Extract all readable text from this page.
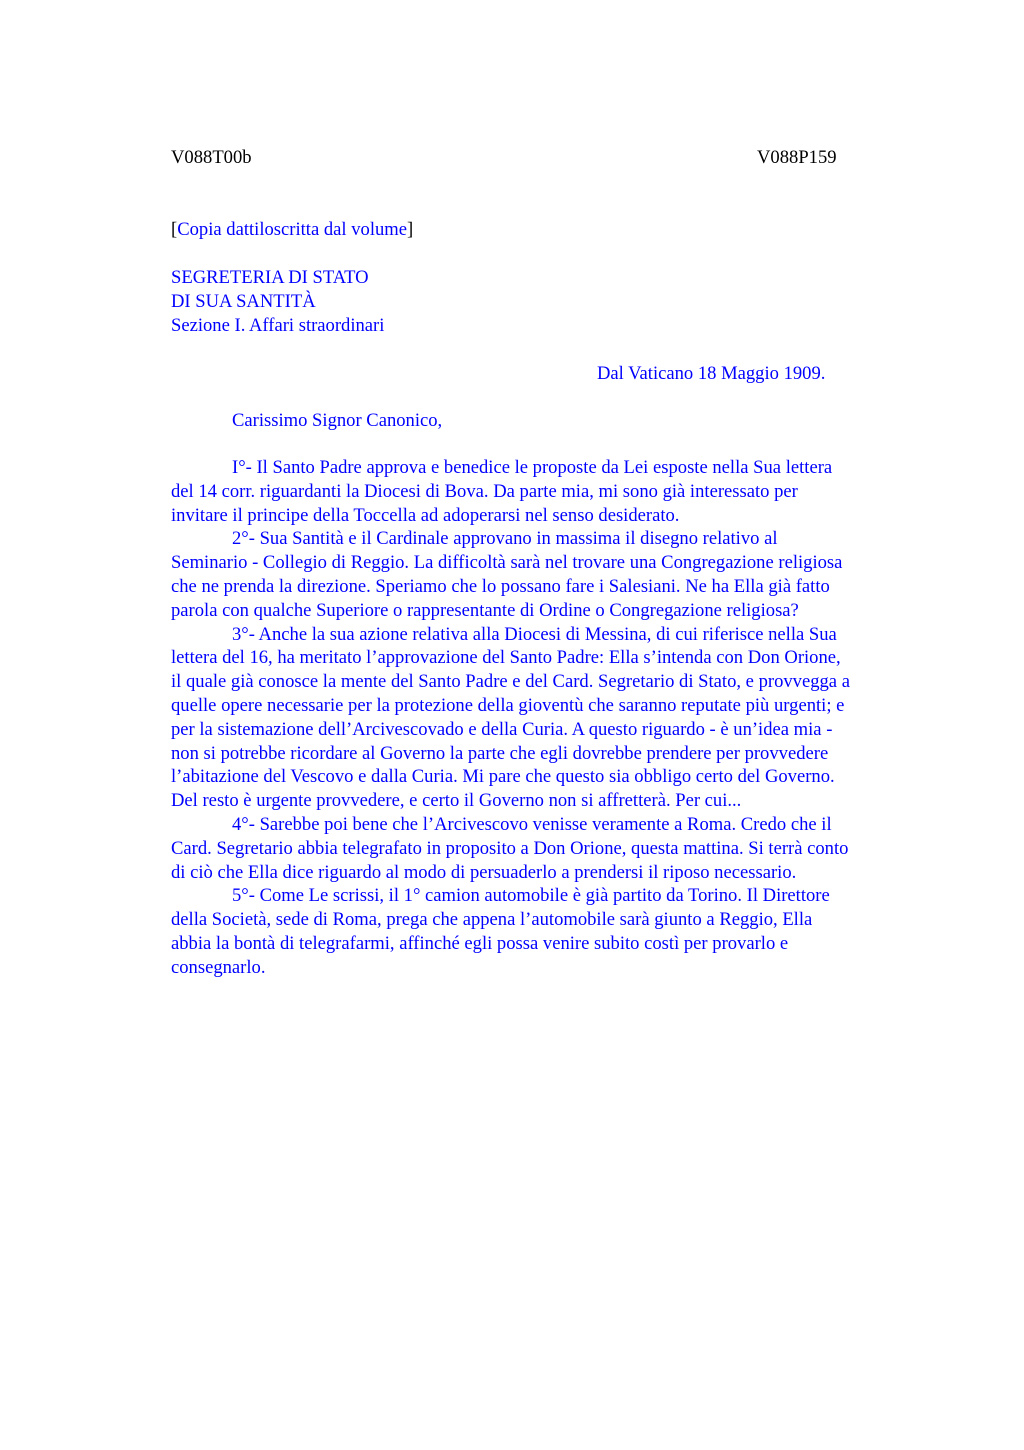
V088T00b	V088P159
[Copia dattiloscritta dal volume]
SEGRETERIA DI STATO
DI SUA SANTITÀ
Sezione I. Affari straordinari
Dal Vaticano 18 Maggio 1909.
Carissimo Signor Canonico,
I°- Il Santo Padre approva e benedice le proposte da Lei esposte nella Sua lettera
del 14 corr. riguardanti la Diocesi di Bova. Da parte mia, mi sono già interessato per
invitare il principe della Toccella ad adoperarsi nel senso desiderato.
2°- Sua Santità e il Cardinale approvano in massima il disegno relativo al
Seminario - Collegio di Reggio. La difficoltà sarà nel trovare una Congregazione religiosa
che ne prenda la direzione. Speriamo che lo possano fare i Salesiani. Ne ha Ella già fatto
parola con qualche Superiore o rappresentante di Ordine o Congregazione religiosa?
3°- Anche la sua azione relativa alla Diocesi di Messina, di cui riferisce nella Sua
lettera del 16, ha meritato l’approvazione del Santo Padre: Ella s’intenda con Don Orione,
il quale già conosce la mente del Santo Padre e del Card. Segretario di Stato, e provvegga a
quelle opere necessarie per la protezione della gioventù che saranno reputate più urgenti; e
per la sistemazione dell’Arcivescovado e della Curia. A questo riguardo - è un’idea mia -
non si potrebbe ricordare al Governo la parte che egli dovrebbe prendere per provvedere
l’abitazione del Vescovo e dalla Curia. Mi pare che questo sia obbligo certo del Governo.
Del resto è urgente provvedere, e certo il Governo non si affretterà. Per cui...
4°- Sarebbe poi bene che l’Arcivescovo venisse veramente a Roma. Credo che il
Card. Segretario abbia telegrafato in proposito a Don Orione, questa mattina. Si terrà conto
di ciò che Ella dice riguardo al modo di persuaderlo a prendersi il riposo necessario.
5°- Come Le scrissi, il 1° camion automobile è già partito da Torino. Il Direttore
della Società, sede di Roma, prega che appena l’automobile sarà giunto a Reggio, Ella
abbia la bontà di telegrafarmi, affinché egli possa venire subito costì per provarlo e
consegnarlo.
